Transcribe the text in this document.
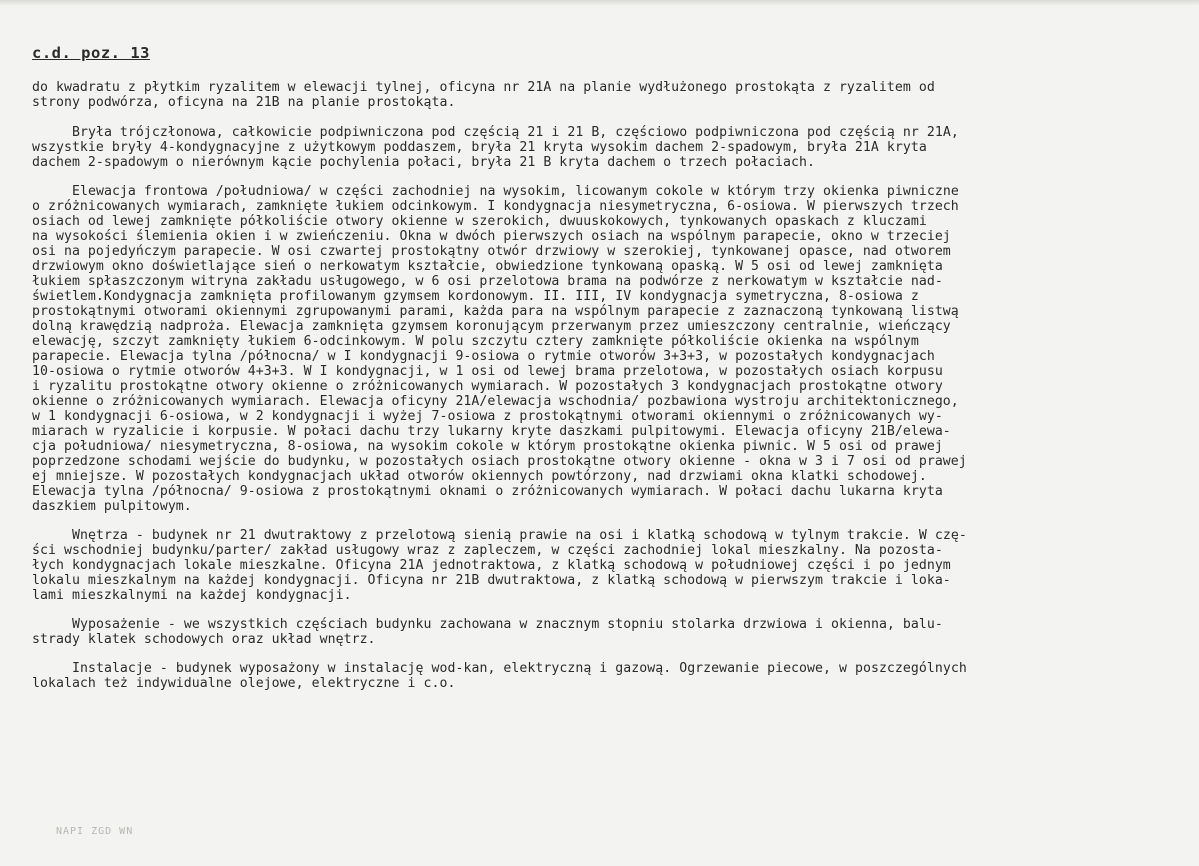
c.d. poz. 13
do kwadratu z płytkim ryzalitem w elewacji tylnej, oficyna nr 21A na planie wydłużonego prostokąta z ryzalitem od
strony podwórza, oficyna na 21B na planie prostokąta.
Bryła trójczłonowa, całkowicie podpiwniczona pod częścią 21 i 21 B, częściowo podpiwniczona pod częścią nr 21A,
wszystkie bryły 4-kondygnacyjne z użytkowym poddaszem, bryła 21 kryta wysokim dachem 2-spadowym, bryła 21A kryta
dachem 2-spadowym o nierównym kącie pochylenia połaci, bryła 21 B kryta dachem o trzech połaciach.
Elewacja frontowa /południowa/ w części zachodniej na wysokim, licowanym cokole w którym trzy okienka piwniczne
o zróżnicowanych wymiarach, zamknięte łukiem odcinkowym. I kondygnacja niesymetryczna, 6-osiowa. W pierwszych trzech
osiach od lewej zamknięte półkoliście otwory okienne w szerokich, dwuuskokowych, tynkowanych opaskach z kluczami
na wysokości ślemienia okien i w zwieńczeniu. Okna w dwóch pierwszych osiach na wspólnym parapecie, okno w trzeciej
osi na pojedyńczym parapecie. W osi czwartej prostokątny otwór drzwiowy w szerokiej, tynkowanej opasce, nad otworem
drzwiowym okno doświetlające sień o nerkowatym kształcie, obwiedzione tynkowaną opaską. W 5 osi od lewej zamknięta
łukiem spłaszczonym witryna zakładu usługowego, w 6 osi przelotowa brama na podwórze z nerkowatym w kształcie nad-
świetlem.Kondygnacja zamknięta profilowanym gzymsem kordonowym. II. III, IV kondygnacja symetryczna, 8-osiowa z
prostokątnymi otworami okiennymi zgrupowanymi parami, każda para na wspólnym parapecie z zaznaczoną tynkowaną listwą
dolną krawędzią nadproża. Elewacja zamknięta gzymsem koronującym przerwanym przez umieszczony centralnie, wieńczący
elewację, szczyt zamknięty łukiem 6-odcinkowym. W polu szczytu cztery zamknięte półkoliście okienka na wspólnym
parapecie. Elewacja tylna /północna/ w I kondygnacji 9-osiowa o rytmie otworów 3+3+3, w pozostałych kondygnacjach
10-osiowa o rytmie otworów 4+3+3. W I kondygnacji, w 1 osi od lewej brama przelotowa, w pozostałych osiach korpusu
i ryzalitu prostokątne otwory okienne o zróżnicowanych wymiarach. W pozostałych 3 kondygnacjach prostokątne otwory
okienne o zróżnicowanych wymiarach. Elewacja oficyny 21A/elewacja wschodnia/ pozbawiona wystroju architektonicznego,
w 1 kondygnacji 6-osiowa, w 2 kondygnacji i wyżej 7-osiowa z prostokątnymi otworami okiennymi o zróżnicowanych wy-
miarach w ryzalicie i korpusie. W połaci dachu trzy lukarny kryte daszkami pulpitowymi. Elewacja oficyny 21B/elewa-
cja południowa/ niesymetryczna, 8-osiowa, na wysokim cokole w którym prostokątne okienka piwnic. W 5 osi od prawej
poprzedzone schodami wejście do budynku, w pozostałych osiach prostokątne otwory okienne - okna w 3 i 7 osi od prawej
ej mniejsze. W pozostałych kondygnacjach układ otworów okiennych powtórzony, nad drzwiami okna klatki schodowej.
Elewacja tylna /północna/ 9-osiowa z prostokątnymi oknami o zróżnicowanych wymiarach. W połaci dachu lukarna kryta
daszkiem pulpitowym.
Wnętrza - budynek nr 21 dwutraktowy z przelotową sienią prawie na osi i klatką schodową w tylnym trakcie. W czę-
ści wschodniej budynku/parter/ zakład usługowy wraz z zapleczem, w części zachodniej lokal mieszkalny. Na pozosta-
łych kondygnacjach lokale mieszkalne. Oficyna 21A jednotraktowa, z klatką schodową w południowej części i po jednym
lokalu mieszkalnym na każdej kondygnacji. Oficyna nr 21B dwutraktowa, z klatką schodową w pierwszym trakcie i loka-
lami mieszkalnymi na każdej kondygnacji.
Wyposażenie - we wszystkich częściach budynku zachowana w znacznym stopniu stolarka drzwiowa i okienna, balu-
strady klatek schodowych oraz układ wnętrz.
Instalacje - budynek wyposażony w instalację wod-kan, elektryczną i gazową. Ogrzewanie piecowe, w poszczególnych
lokalach też indywidualne olejowe, elektryczne i c.o.
NAPI ZGD WN
